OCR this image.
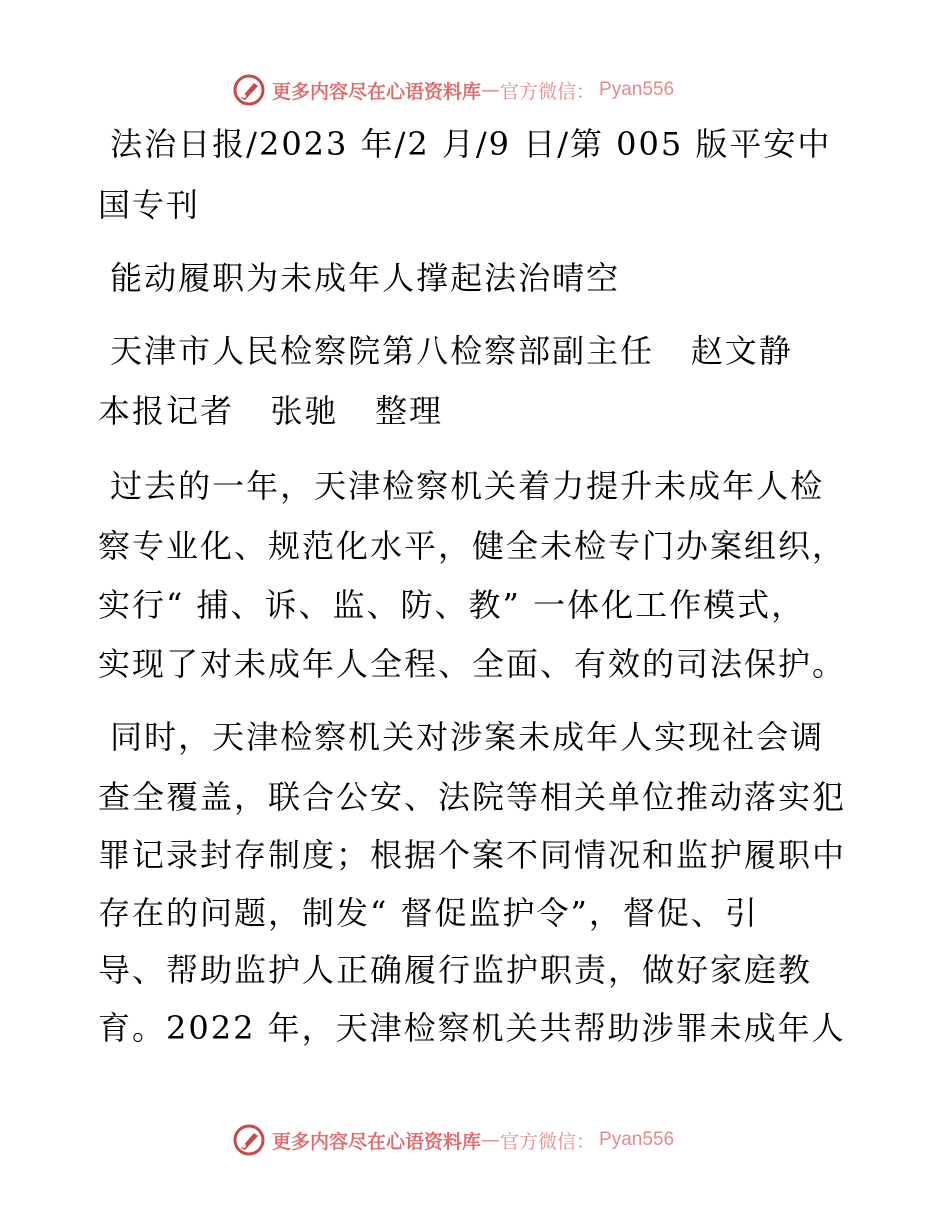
更多内容尽在心语资料库 — 官方微信： Pyan556
法治日报/2023 年/2 月/9 日/第 005 版平安中
国专刊
能动履职为未成年人撑起法治晴空
天津市人民检察院第八检察部副主任   赵文静
本报记者   张驰   整理
过去的一年，天津检察机关着力提升未成年人检
察专业化、规范化水平，健全未检专门办案组织，
实行“ 捕、诉、监、防、教” 一体化工作模式，
实现了对未成年人全程、全面、有效的司法保护。
同时，天津检察机关对涉案未成年人实现社会调
查全覆盖，联合公安、法院等相关单位推动落实犯
罪记录封存制度；根据个案不同情况和监护履职中
存在的问题，制发“ 督促监护令”，督促、引
导、帮助监护人正确履行监护职责，做好家庭教
育。2022 年，天津检察机关共帮助涉罪未成年人
更多内容尽在心语资料库 — 官方微信： Pyan556
